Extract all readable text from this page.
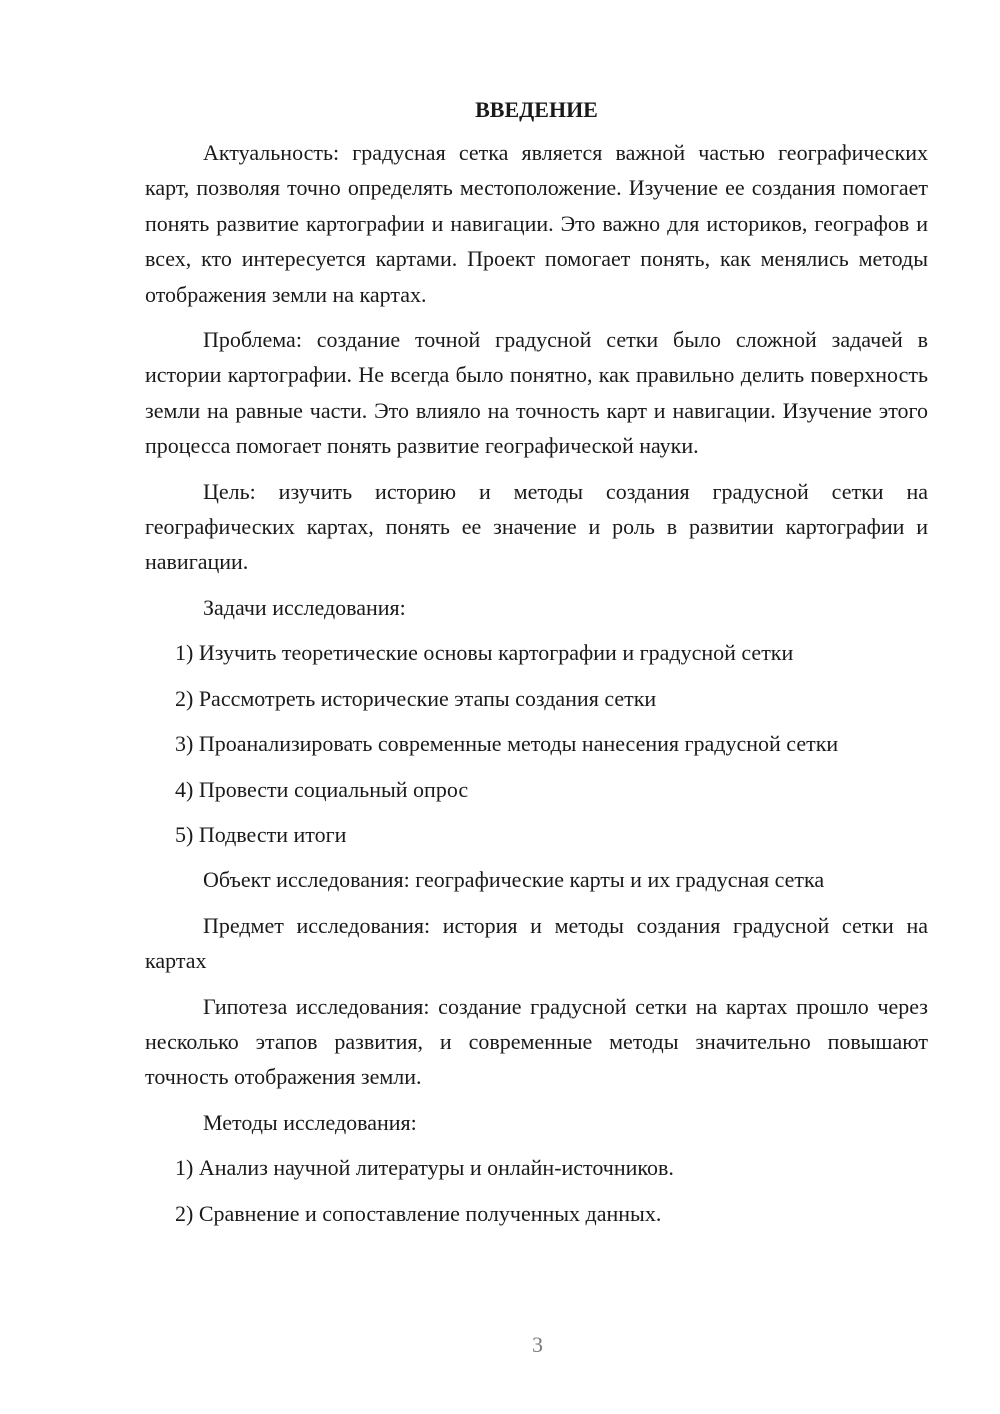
ВВЕДЕНИЕ

Актуальность: градусная сетка является важной частью географических карт, позволяя точно определять местоположение. Изучение ее создания помогает понять развитие картографии и навигации. Это важно для историков, географов и всех, кто интересуется картами. Проект помогает понять, как менялись методы отображения земли на картах.

Проблема: создание точной градусной сетки было сложной задачей в истории картографии. Не всегда было понятно, как правильно делить поверхность земли на равные части. Это влияло на точность карт и навигации. Изучение этого процесса помогает понять развитие географической науки.

Цель: изучить историю и методы создания градусной сетки на географических картах, понять ее значение и роль в развитии картографии и навигации.

Задачи исследования:
1) Изучить теоретические основы картографии и градусной сетки
2) Рассмотреть исторические этапы создания сетки
3) Проанализировать современные методы нанесения градусной сетки
4) Провести социальный опрос
5) Подвести итоги
Объект исследования: географические карты и их градусная сетка

Предмет исследования: история и методы создания градусной сетки на картах

Гипотеза исследования: создание градусной сетки на картах прошло через несколько этапов развития, и современные методы значительно повышают точность отображения земли.

Методы исследования:
1) Анализ научной литературы и онлайн-источников.
2) Сравнение и сопоставление полученных данных.
3
